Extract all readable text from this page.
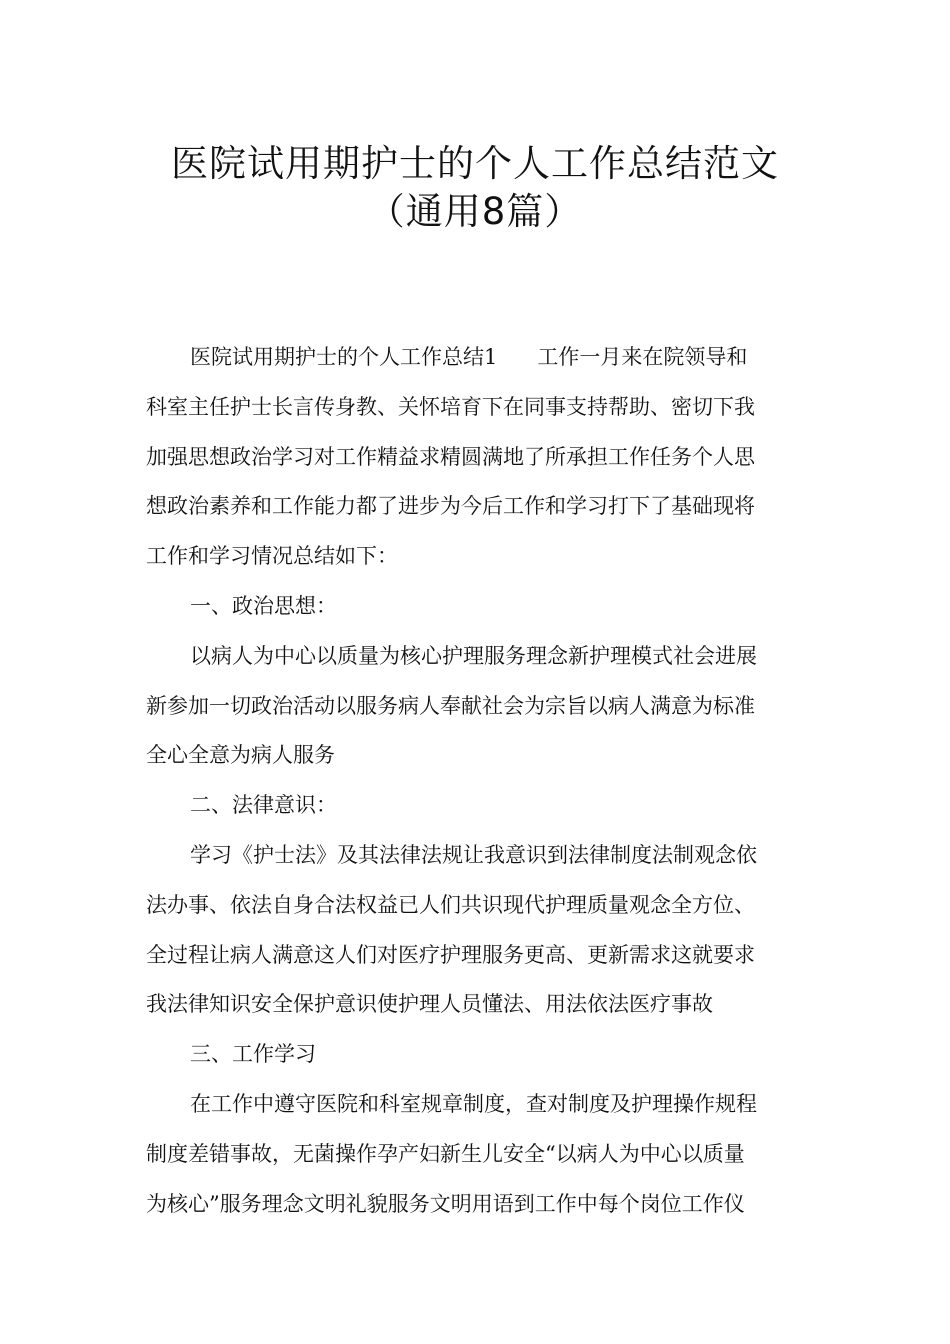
医院试用期护士的个人工作总结范文
（通用8篇）
医院试用期护士的个人工作总结1 工作一月来在院领导和
科室主任护士长言传身教、关怀培育下在同事支持帮助、密切下我
加强思想政治学习对工作精益求精圆满地了所承担工作任务个人思
想政治素养和工作能力都了进步为今后工作和学习打下了基础现将
工作和学习情况总结如下：
一、政治思想：
以病人为中心以质量为核心护理服务理念新护理模式社会进展
新参加一切政治活动以服务病人奉献社会为宗旨以病人满意为标准
全心全意为病人服务
二、法律意识：
学习《护士法》及其法律法规让我意识到法律制度法制观念依
法办事、依法自身合法权益已人们共识现代护理质量观念全方位、
全过程让病人满意这人们对医疗护理服务更高、更新需求这就要求
我法律知识安全保护意识使护理人员懂法、用法依法医疗事故
三、工作学习
在工作中遵守医院和科室规章制度，查对制度及护理操作规程
制度差错事故，无菌操作孕产妇新生儿安全“以病人为中心以质量
为核心”服务理念文明礼貌服务文明用语到工作中每个岗位工作仪
